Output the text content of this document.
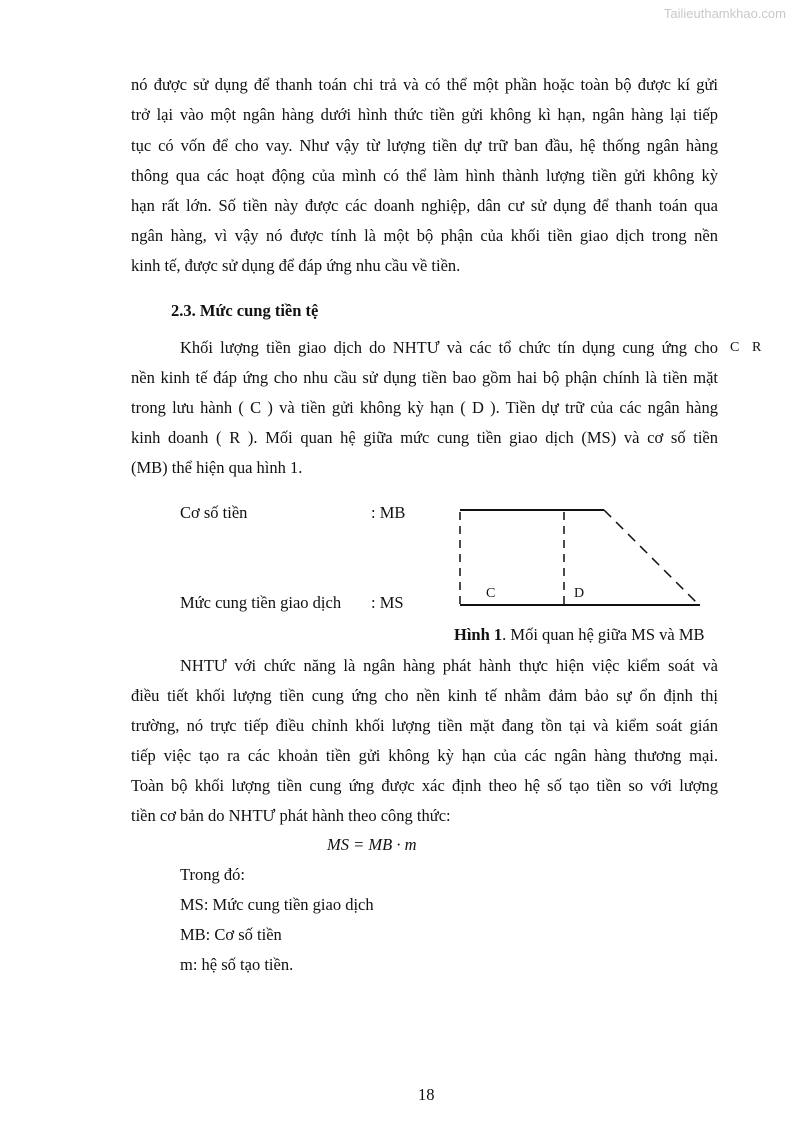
Tailieuthamkhao.com
nó được sử dụng để thanh toán chi trả và có thể một phần hoặc toàn bộ được kí gửi
trở lại vào một ngân hàng dưới hình thức tiền gửi không kì hạn, ngân hàng lại tiếp
tục có vốn để cho vay. Như vậy từ lượng tiền dự trữ ban đầu, hệ thống ngân hàng
thông qua các hoạt động của mình có thể làm hình thành lượng tiền gửi không kỳ
hạn rất lớn. Số tiền này được các doanh nghiệp, dân cư sử dụng để thanh toán qua
ngân hàng, vì vậy nó được tính là một bộ phận của khối tiền giao dịch trong nền
kinh tế, được sử dụng để đáp ứng nhu cầu về tiền.
2.3. Mức cung tiền tệ
Khối lượng tiền giao dịch do NHTƯ và các tổ chức tín dụng cung ứng cho C R
nền kinh tế đáp ứng cho nhu cầu sử dụng tiền bao gồm hai bộ phận chính là tiền mặt
trong lưu hành ( C ) và tiền gửi không kỳ hạn ( D ). Tiền dự trữ của các ngân hàng
kinh doanh ( R ). Mối quan hệ giữa mức cung tiền giao dịch (MS) và cơ số tiền
(MB) thể hiện qua hình 1.
Cơ số tiền	: MB
Mức cung tiền giao dịch : MS	C	D
Hình 1. Mối quan hệ giữa MS và MB
NHTƯ với chức năng là ngân hàng phát hành thực hiện việc kiểm soát và
điều tiết khối lượng tiền cung ứng cho nền kinh tế nhằm đảm bảo sự ổn định thị
trường, nó trực tiếp điều chỉnh khối lượng tiền mặt đang tồn tại và kiểm soát gián
tiếp việc tạo ra các khoản tiền gửi không kỳ hạn của các ngân hàng thương mại.
Toàn bộ khối lượng tiền cung ứng được xác định theo hệ số tạo tiền so với lượng
tiền cơ bản do NHTƯ phát hành theo công thức:
MS = MB · m
Trong đó:
MS: Mức cung tiền giao dịch
MB: Cơ số tiền
m: hệ số tạo tiền.
18
